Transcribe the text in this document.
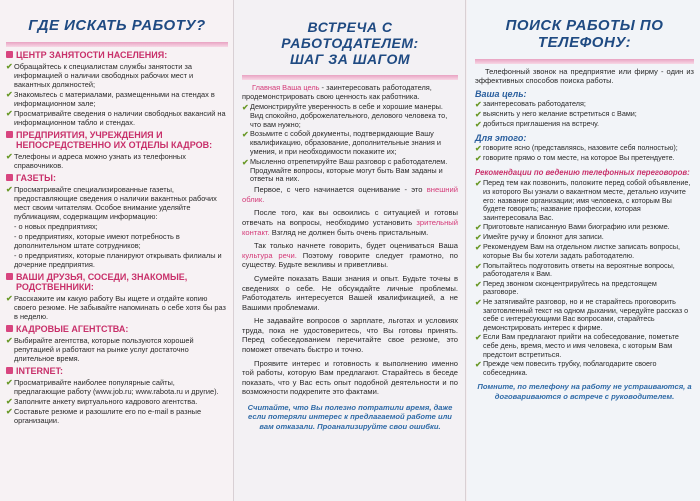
ГДЕ ИСКАТЬ РАБОТУ?
ЦЕНТР ЗАНЯТОСТИ НАСЕЛЕНИЯ:
✔ Обращайтесь к специалистам службы занятости за информацией о наличии свободных рабочих мест и вакантных должностей;
✔ Знакомьтесь с материалами, размещенными на стендах в информационном зале;
✔ Просматривайте сведения о наличии свободных вакансий на информационном табло и стендах.
ПРЕДПРИЯТИЯ, УЧРЕЖДЕНИЯ И НЕПОСРЕДСТВЕННО ИХ ОТДЕЛЫ КАДРОВ:
✔ Телефоны и адреса можно узнать из телефонных справочников.
ГАЗЕТЫ:
✔ Просматривайте специализированные газеты, предоставляющие сведения о наличии вакантных рабочих мест своим читателям. Особое внимание уделяйте публикациям, содержащим информацию:
- о новых предприятиях;
- о предприятиях, которые имеют потребность в дополнительном штате сотрудников;
- о предприятиях, которые планируют открывать филиалы и дочерние предприятия.
ВАШИ ДРУЗЬЯ, СОСЕДИ, ЗНАКОМЫЕ, РОДСТВЕННИКИ:
✔ Расскажите им какую работу Вы ищете и отдайте копию своего резюме. Не забывайте напоминать о себе хотя бы раз в неделю.
КАДРОВЫЕ АГЕНТСТВА:
✔ Выбирайте агентства, которые пользуются хорошей репутацией и работают на рынке услуг достаточно длительное время.
INTERNET:
✔ Просматривайте наиболее популярные сайты, предлагающие работу (www.job.ru; www.rabota.ru и другие).
✔ Заполните анкету виртуального кадрового агентства.
✔ Составьте резюме и разошлите его по e-mail в разные организации.
ВСТРЕЧА С РАБОТОДАТЕЛЕМ:
ШАГ ЗА ШАГОМ
Главная Ваша цель - заинтересовать работодателя, продемонстрировать свою ценность как работника.
✔ Демонстрируйте уверенность в себе и хорошие манеры. Вид спокойно, доброжелательного, делового человека то, что вам нужно;
✔ Возьмите с собой документы, подтверждающие Вашу квалификацию, образование, дополнительные знания и умения, и при необходимости покажите их;
✔ Мысленно отрепетируйте Ваш разговор с работодателем. Продумайте вопросы, которые могут быть Вам заданы и ответы на них.
Первое, с чего начинается оценивание - это внешний облик.
После того, как вы освоились с ситуацией и готовы отвечать на вопросы, необходимо установить зрительный контакт. Взгляд не должен быть очень пристальным.
Так только начнете говорить, будет оцениваться Ваша культура речи. Поэтому говорите следует грамотно, по существу. Будьте вежливы и приветливы.
Сумейте показать Ваши знания и опыт. Будьте точны в сведениях о себе. Не обсуждайте личные проблемы. Работодатель интересуется Вашей квалификацией, а не Вашими проблемами.
Не задавайте вопросов о зарплате, льготах и условиях труда, пока не удостоверитесь, что Вы готовы принять. Перед собеседованием перечитайте свое резюме, это поможет отвечать быстро и точно.
Проявите интерес и готовность к выполнению именно той работы, которую Вам предлагают. Старайтесь в беседе показать, что у Вас есть опыт подобной деятельности и по возможности подкрепите это фактами.
Считайте, что Вы полезно потратили время, даже если потеряли интерес к предлагаемой работе или вам отказали. Проанализируйте свои ошибки.
ПОИСК РАБОТЫ ПО ТЕЛЕФОНУ:
Телефонный звонок на предприятие или фирму - один из эффективных способов поиска работы.
Ваша цель:
✔ заинтересовать работодателя;
✔ выяснить у него желание встретиться с Вами;
✔ добиться приглашения на встречу.
Для этого:
✔ говорите ясно (представляясь, назовите себя полностью);
✔ говорите прямо о том месте, на которое Вы претендуете.
Рекомендации по ведению телефонных переговоров:
✔ Перед тем как позвонить, положите перед собой объявление, из которого Вы узнали о вакантном месте, детально изучите его: название организации; имя человека, с которым Вы будете говорить; название профессии, которая заинтересовала Вас.
✔ Приготовьте написанную Вами биографию или резюме.
✔ Имейте ручку и блокнот для записи.
✔ Рекомендуем Вам на отдельном листке записать вопросы, которые Вы бы хотели задать работодателю.
✔ Попытайтесь подготовить ответы на вероятные вопросы, работодателя к Вам.
✔ Перед звонком сконцентрируйтесь на предстоящем разговоре.
✔ Не затягивайте разговор, но и не старайтесь проговорить заготовленный текст на одном дыхании, чередуйте рассказ о себе с интересующими Вас вопросами, старайтесь демонстрировать интерес к фирме.
✔ Если Вам предлагают прийти на собеседование, пометьте себе день, время, место и имя человека, с которым Вам предстоит встретиться.
✔ Прежде чем повесить трубку, поблагодарите своего собеседника.
Помните, по телефону на работу не устраиваются, а договариваются о встрече с руководителем.
